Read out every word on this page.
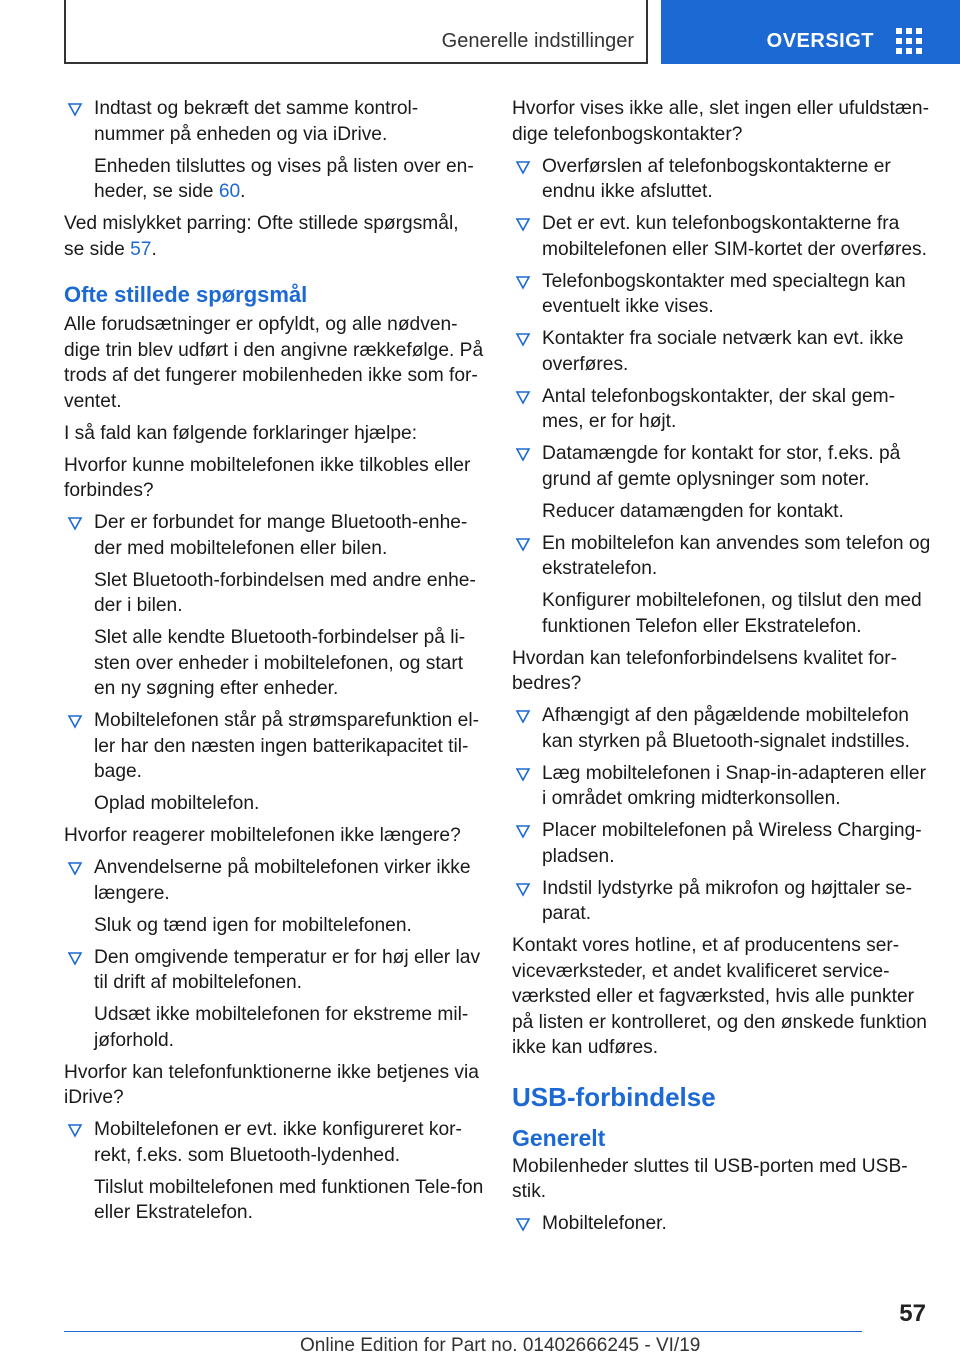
Generelle indstillinger	OVERSIGT
Indtast og bekræft det samme kontrol-nummer på enheden og via iDrive.
Enheden tilsluttes og vises på listen over en-heder, se side 60.
Ved mislykket parring: Ofte stillede spørgsmål, se side 57.
Ofte stillede spørgsmål
Alle forudsætninger er opfyldt, og alle nødven-dige trin blev udført i den angivne rækkefølge. På trods af det fungerer mobilenheden ikke som for-ventet.
I så fald kan følgende forklaringer hjælpe:
Hvorfor kunne mobiltelefonen ikke tilkobles eller forbindes?
Der er forbundet for mange Bluetooth-enhe-der med mobiltelefonen eller bilen.
Slet Bluetooth-forbindelsen med andre enhe-der i bilen.
Slet alle kendte Bluetooth-forbindelser på li-sten over enheder i mobiltelefonen, og start en ny søgning efter enheder.
Mobiltelefonen står på strømsparefunktion el-ler har den næsten ingen batterikapacitet til-bage.
Oplad mobiltelefon.
Hvorfor reagerer mobiltelefonen ikke længere?
Anvendelserne på mobiltelefonen virker ikke længere.
Sluk og tænd igen for mobiltelefonen.
Den omgivende temperatur er for høj eller lav til drift af mobiltelefonen.
Udsæt ikke mobiltelefonen for ekstreme mil-jøforhold.
Hvorfor kan telefonfunktionerne ikke betjenes via iDrive?
Mobiltelefonen er evt. ikke konfigureret kor-rekt, f.eks. som Bluetooth-lydenhed.
Tilslut mobiltelefonen med funktionen Tele-fon eller Ekstratelefon.
Hvorfor vises ikke alle, slet ingen eller ufuldstæn-dige telefonbogskontakter?
Overførslen af telefonbogskontakterne er endnu ikke afsluttet.
Det er evt. kun telefonbogskontakterne fra mobiltelefonen eller SIM-kortet der overføres.
Telefonbogskontakter med specialtegn kan eventuelt ikke vises.
Kontakter fra sociale netværk kan evt. ikke overføres.
Antal telefonbogskontakter, der skal gem-mes, er for højt.
Datamængde for kontakt for stor, f.eks. på grund af gemte oplysninger som noter.
Reducer datamængden for kontakt.
En mobiltelefon kan anvendes som telefon og ekstratelefon.
Konfigurer mobiltelefonen, og tilslut den med funktionen Telefon eller Ekstratelefon.
Hvordan kan telefonforbindelsens kvalitet for-bedres?
Afhængigt af den pågældende mobiltelefon kan styrken på Bluetooth-signalet indstilles.
Læg mobiltelefonen i Snap-in-adapteren eller i området omkring midterkonsollen.
Placer mobiltelefonen på Wireless Charging-pladsen.
Indstil lydstyrke på mikrofon og højttaler se-parat.
Kontakt vores hotline, et af producentens ser-viceværksteder, et andet kvalificeret service-værksted eller et fagværksted, hvis alle punkter på listen er kontrolleret, og den ønskede funktion ikke kan udføres.
USB-forbindelse
Generelt
Mobilenheder sluttes til USB-porten med USB-stik.
Mobiltelefoner.
57
Online Edition for Part no. 01402666245 - VI/19
